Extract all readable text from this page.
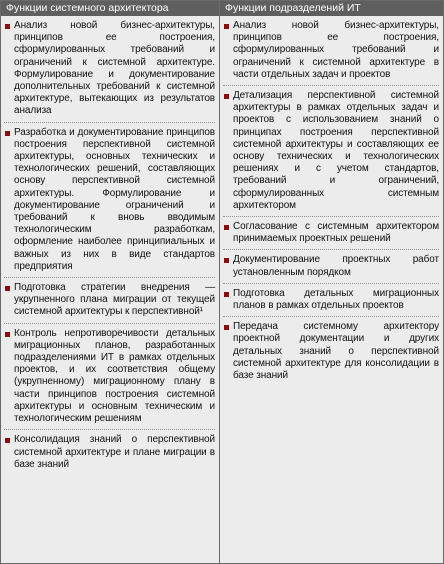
Функции системного архитектора
Анализ новой бизнес-архитектуры, принципов ее построения, сформулированных требований и ограничений к системной архитектуре. Формулирование и документирование дополнительных требований к системной архитектуре, вытекающих из результатов анализа
Разработка и документирование принципов построения перспективной системной архитектуры, основных технических и технологических решений, составляющих основу перспективной системной архитектуры. Формулирование и документирование ограничений и требований к вновь вводимым технологическим разработкам, оформление наиболее принципиальных и важных из них в виде стандартов предприятия
Подготовка стратегии внедрения — укрупненного плана миграции от текущей системной архитектуры к перспективной¹
Контроль непротиворечивости детальных миграционных планов, разработанных подразделениями ИТ в рамках отдельных проектов, и их соответствия общему (укрупненному) миграционному плану в части принципов построения системной архитектуры и основным техническим и технологическим решениям
Консолидация знаний о перспективной системной архитектуре и плане миграции в базе знаний
Функции подразделений ИТ
Анализ новой бизнес-архитектуры, принципов ее построения, сформулированных требований и ограничений к системной архитектуре в части отдельных задач и проектов
Детализация перспективной системной архитектуры в рамках отдельных задач и проектов с использованием знаний о принципах построения перспективной системной архитектуры и составляющих ее основу технических и технологических решениях и с учетом стандартов, требований и ограничений, сформулированных системным архитектором
Согласование с системным архитектором принимаемых проектных решений
Документирование проектных работ установленным порядком
Подготовка детальных миграционных планов в рамках отдельных проектов
Передача системному архитектору проектной документации и других детальных знаний о перспективной системной архитектуре для консолидации в базе знаний
